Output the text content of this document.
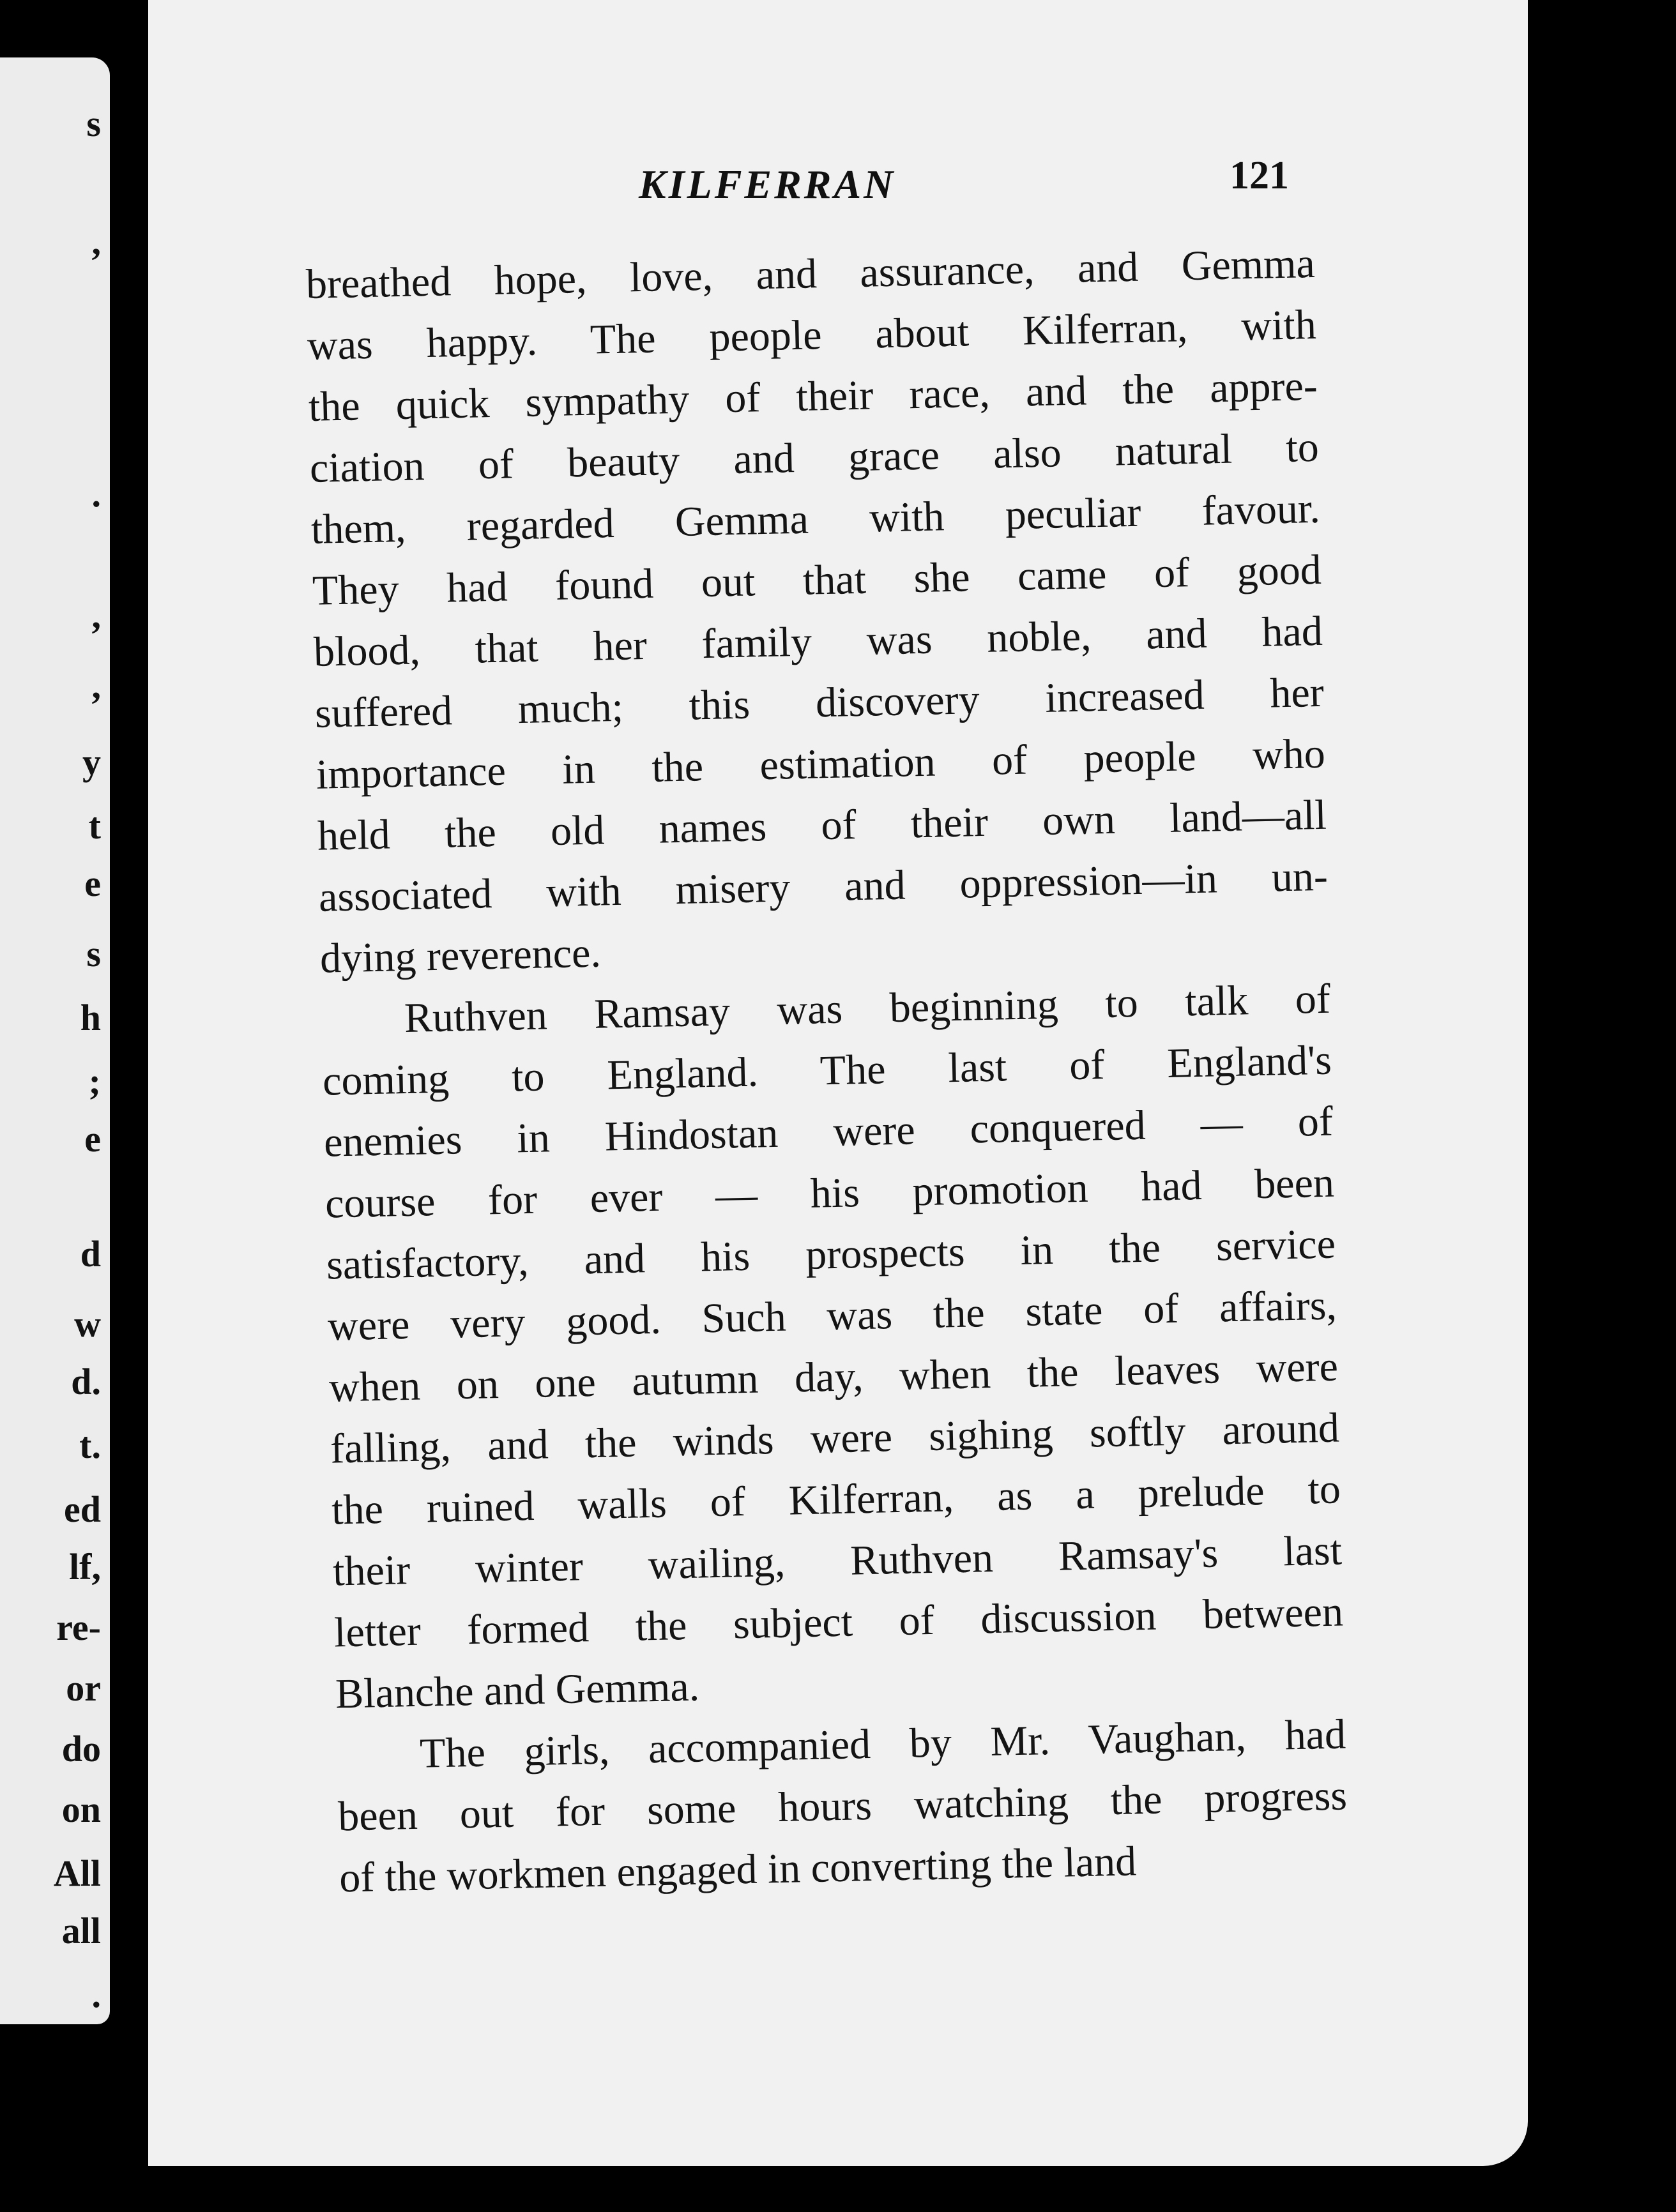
s
,
.
,
,
y
t
e
s
h
;
e
d
w
d.
t.
ed
lf,
re-
or
do
on
All
all
.
KILFERRAN	121
breathed hope, love, and assurance, and Gemma
was happy. The people about Kilferran, with
the quick sympathy of their race, and the appre-
ciation of beauty and grace also natural to
them, regarded Gemma with peculiar favour.
They had found out that she came of good
blood, that her family was noble, and had
suffered much; this discovery increased her
importance in the estimation of people who
held the old names of their own land—all
associated with misery and oppression—in un-
dying reverence.
Ruthven Ramsay was beginning to talk of
coming to England. The last of England's
enemies in Hindostan were conquered — of
course for ever — his promotion had been
satisfactory, and his prospects in the service
were very good. Such was the state of affairs,
when on one autumn day, when the leaves were
falling, and the winds were sighing softly around
the ruined walls of Kilferran, as a prelude to
their winter wailing, Ruthven Ramsay's last
letter formed the subject of discussion between
Blanche and Gemma.
The girls, accompanied by Mr. Vaughan, had
been out for some hours watching the progress
of the workmen engaged in converting the land
